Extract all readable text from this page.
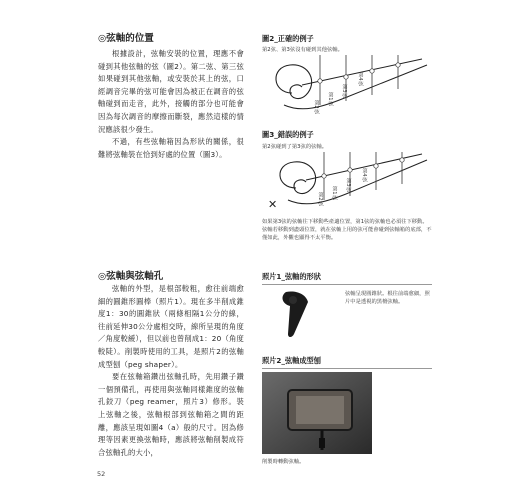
◎弦軸的位置
根據設計，弦軸安裝的位置，理應不會碰到其他弦軸的弦（圖2）。第二弦、第三弦如果碰到其他弦軸，或安裝於其上的弦，口經調音完畢的弦可能會因為被正在調音的弦軸碰到而走音，此外，接觸的部分也可能會因為每次調音的摩擦而斷裂，應然這樣的情況應該很少發生。
不過，有些弦軸箱因為形狀的關係，很難將弦軸裝在恰到好處的位置（圖3）。
◎弦軸與弦軸孔
弦軸的外型，是根部較粗，愈往前端愈細的圓錐形圓棒（照片1）。現在多半削成錐度1：30的圓錐狀（兩條相隔1公分的線，往前延伸30公分處相交時，線所呈現的角度／角度較緩），但以前也曾削成1：20（角度較陡）。削製時使用的工具，是照片2的弦軸成型刨（peg shaper）。
要在弦軸箱鑽出弦軸孔時，先用鑽子鑽一個預備孔，再使用與弦軸同樣錐度的弦軸孔鉸刀（peg reamer，照片3）修形。裝上弦軸之後，弦軸根部到弦軸箱之間的距離，應該呈現如圖4（a）般的尺寸。因為修理等因素更換弦軸時，應該將弦軸削製成符合弦軸孔的大小，
52
圖2_正確的例子
第2弦、第3弦沒有碰到其他弦軸。
第2弦
第1弦
第3弦
第4弦
圖3_錯誤的例子
第2弦碰到了第3弦的弦軸。
✕	第2弦 第1弦
第3弦
第4弦
如果第3弦的弦軸往下移動些產適位置，第1弦的弦軸也必須往下移動。弦軸若移動到盡頭位置，就在弦軸上用的弦可能會碰到弦軸箱的底部，不僅如此，外觀也顯得不太平衡。
照片1_弦軸的形狀
弦軸呈現圓錐狀。根往前端愈細，照片中是透視的黑檀弦軸。
照片2_弦軸成型刨
削製時轉動弦軸。
